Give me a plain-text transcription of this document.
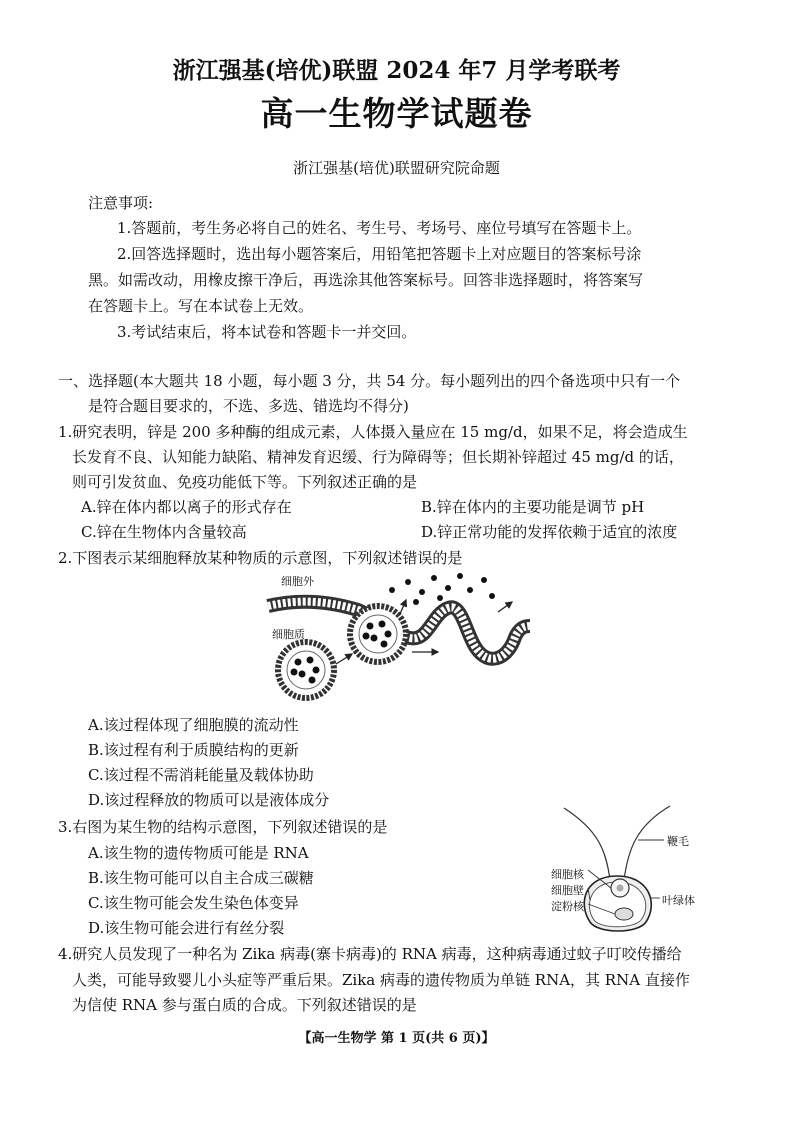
浙江强基(培优)联盟 2024 年7 月学考联考
高一生物学试题卷
浙江强基(培优)联盟研究院命题
注意事项:
1.答题前，考生务必将自己的姓名、考生号、考场号、座位号填写在答题卡上。
2.回答选择题时，选出每小题答案后，用铅笔把答题卡上对应题目的答案标号涂
黑。如需改动，用橡皮擦干净后，再选涂其他答案标号。回答非选择题时，将答案写
在答题卡上。写在本试卷上无效。
3.考试结束后，将本试卷和答题卡一并交回。
一、选择题(本大题共 18 小题，每小题 3 分，共 54 分。每小题列出的四个备选项中只有一个
是符合题目要求的，不选、多选、错选均不得分)
1.研究表明，锌是 200 多种酶的组成元素，人体摄入量应在 15 mg/d，如果不足，将会造成生
长发育不良、认知能力缺陷、精神发育迟缓、行为障碍等；但长期补锌超过 45 mg/d 的话，
则可引发贫血、免疫功能低下等。下列叙述正确的是
A.锌在体内都以离子的形式存在	B.锌在体内的主要功能是调节 pH
C.锌在生物体内含量较高	D.锌正常功能的发挥依赖于适宜的浓度
2.下图表示某细胞释放某种物质的示意图，下列叙述错误的是
细胞外
细胞质
A.该过程体现了细胞膜的流动性
B.该过程有利于质膜结构的更新
C.该过程不需消耗能量及载体协助
D.该过程释放的物质可以是液体成分
3.右图为某生物的结构示意图，下列叙述错误的是
A.该生物的遗传物质可能是 RNA
B.该生物可能可以自主合成三碳糖
C.该生物可能会发生染色体变异
D.该生物可能会进行有丝分裂
鞭毛
细胞核
细胞壁
淀粉核	叶绿体
4.研究人员发现了一种名为 Zika 病毒(寨卡病毒)的 RNA 病毒，这种病毒通过蚊子叮咬传播给
人类，可能导致婴儿小头症等严重后果。Zika 病毒的遗传物质为单链 RNA，其 RNA 直接作
为信使 RNA 参与蛋白质的合成。下列叙述错误的是
【高一生物学 第 1 页(共 6 页)】
